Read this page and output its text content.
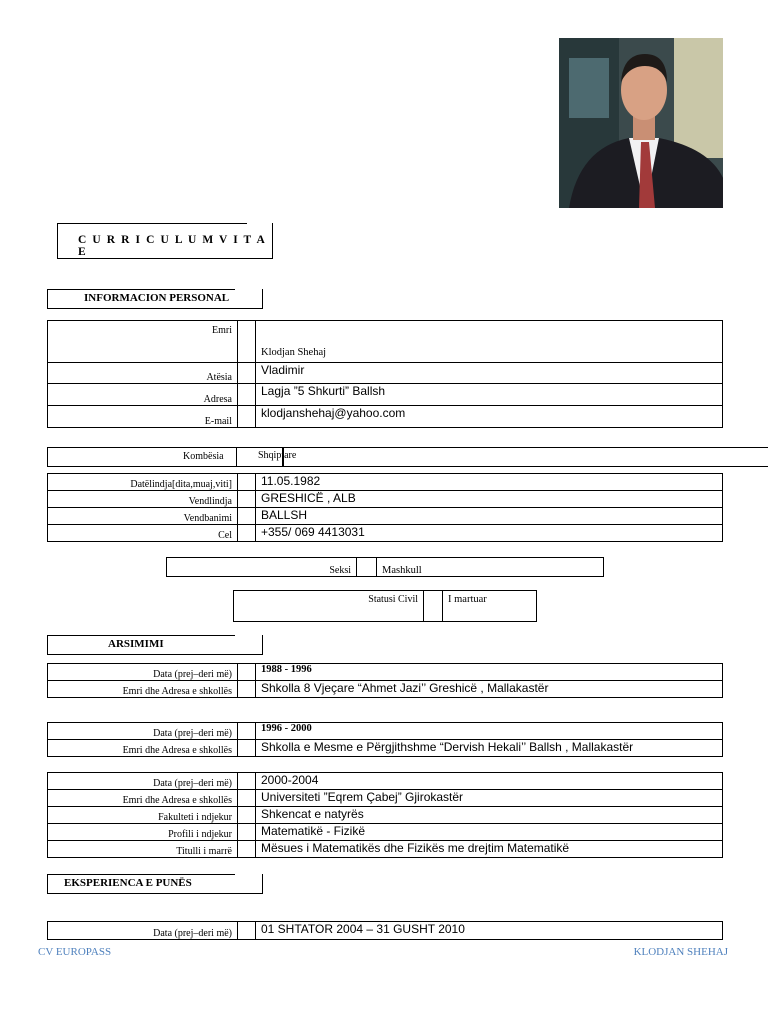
C U R R I C U L U M V I T A E
INFORMACION PERSONAL
Emri		Klodjan Shehaj
Atësia		Vladimir
Adresa		Lagja ”5 Shkurti” Ballsh
E-mail		klodjanshehaj@yahoo.com
Kombësia	Shqiptare
Datëlindja[dita,muaj,viti]		11.05.1982
Vendlindja		GRESHICË , ALB
Vendbanimi		BALLSH
Cel		+355/ 069 4413031
Seksi		Mashkull
Statusi Civil		I martuar
ARSIMIMI
Data (prej–deri më)		1988 - 1996
Emri dhe Adresa e shkollës		Shkolla 8 Vjeçare “Ahmet Jazi’’ Greshicë , Mallakastër
Data (prej–deri më)		1996 - 2000
Emri dhe Adresa e shkollës		Shkolla e Mesme e Përgjithshme “Dervish Hekali’’ Ballsh , Mallakastër
Data (prej–deri më)		2000-2004
Emri dhe Adresa e shkollës		Universiteti ”Eqrem Çabej” Gjirokastër
Fakulteti i ndjekur		Shkencat e natyrës
Profili i ndjekur		Matematikë - Fizikë
Titulli i marrë		Mësues i Matematikës dhe Fizikës me drejtim Matematikë
EKSPERIENCA E PUNËS
Data (prej–deri më)		01 SHTATOR 2004 – 31 GUSHT 2010
CV EUROPASS	KLODJAN SHEHAJ
